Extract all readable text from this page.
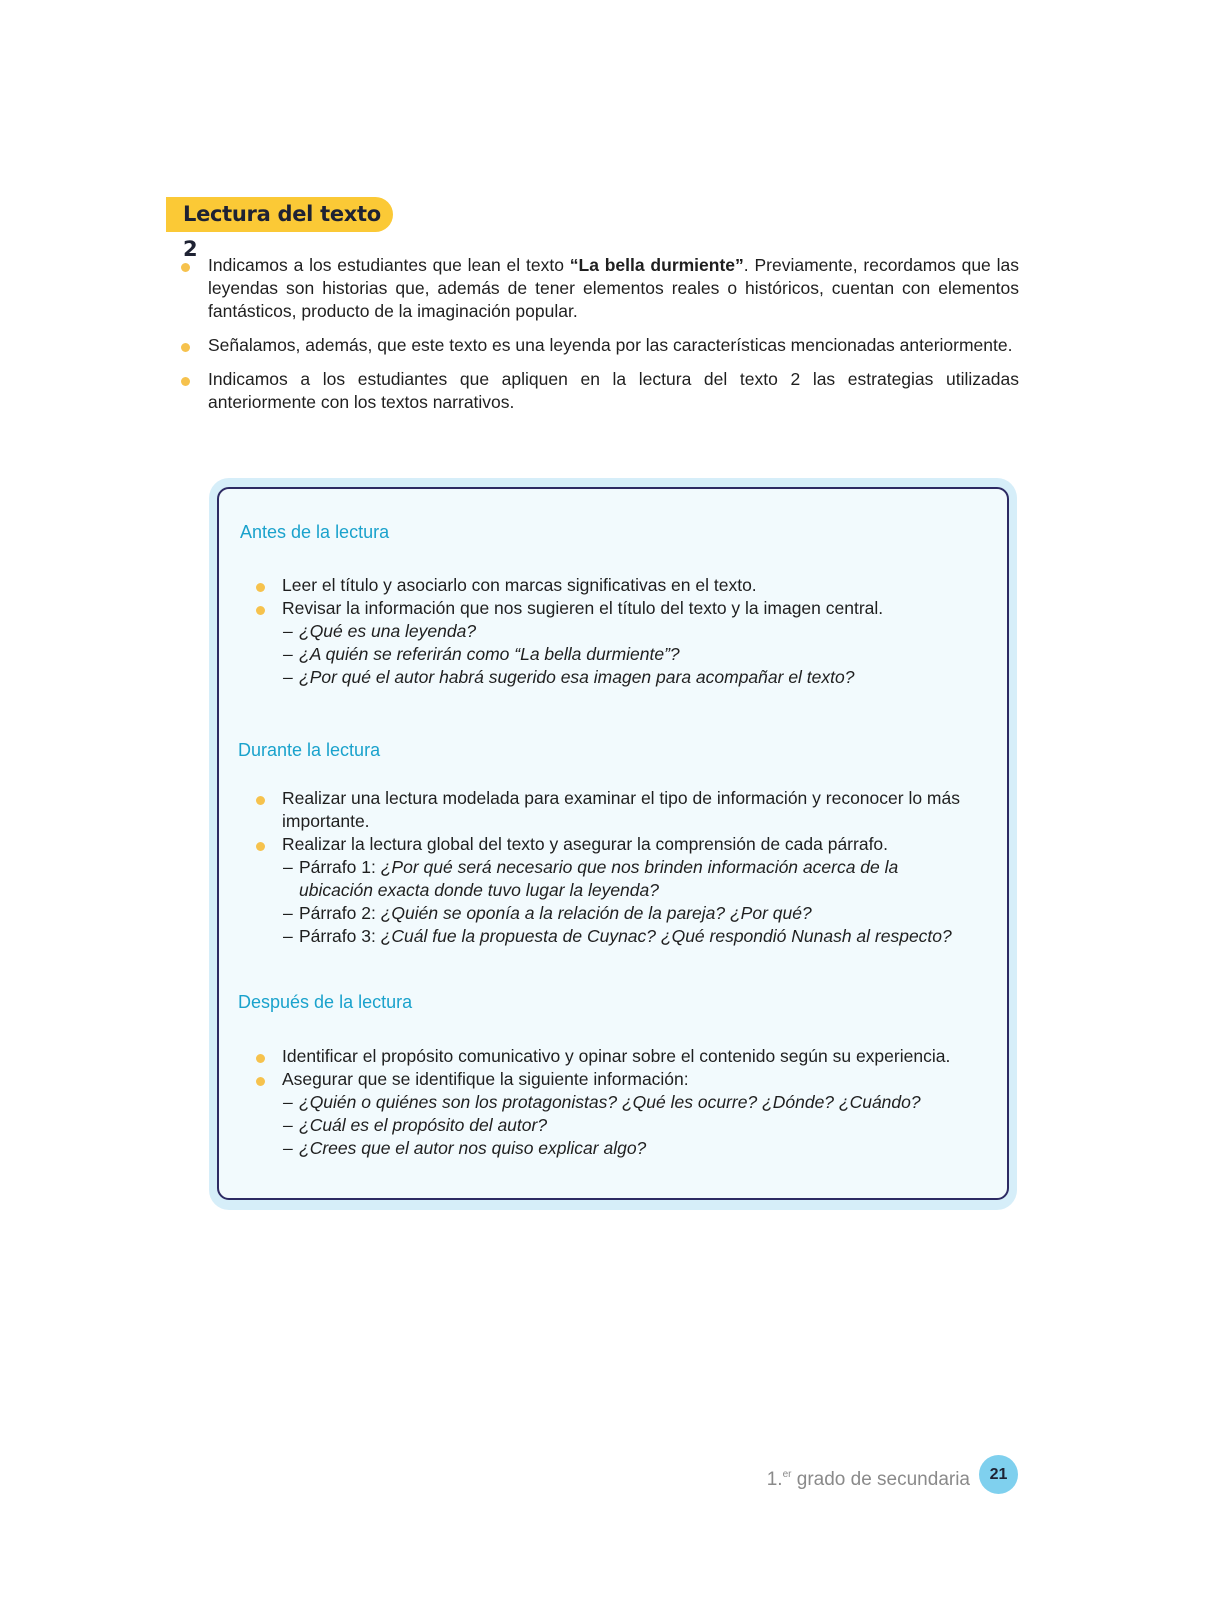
Lectura del texto 2
Indicamos a los estudiantes que lean el texto “La bella durmiente”. Previamente, recordamos que las leyendas son historias que, además de tener elementos reales o históricos, cuentan con elementos fantásticos, producto de la imaginación popular.
Señalamos, además, que este texto es una leyenda por las características mencionadas anteriormente.
Indicamos a los estudiantes que apliquen en la lectura del texto 2 las estrategias utilizadas anteriormente con los textos narrativos.
Antes de la lectura
Leer el título y asociarlo con marcas significativas en el texto.
Revisar la información que nos sugieren el título del texto y la imagen central.
– ¿Qué es una leyenda?
– ¿A quién se referirán como “La bella durmiente”?
– ¿Por qué el autor habrá sugerido esa imagen para acompañar el texto?
Durante la lectura
Realizar una lectura modelada para examinar el tipo de información y reconocer lo más importante.
Realizar la lectura global del texto y asegurar la comprensión de cada párrafo.
– Párrafo 1: ¿Por qué será necesario que nos brinden información acerca de la ubicación exacta donde tuvo lugar la leyenda?
– Párrafo 2: ¿Quién se oponía a la relación de la pareja? ¿Por qué?
– Párrafo 3: ¿Cuál fue la propuesta de Cuynac? ¿Qué respondió Nunash al respecto?
Después de la lectura
Identificar el propósito comunicativo y opinar sobre el contenido según su experiencia.
Asegurar que se identifique la siguiente información:
– ¿Quién o quiénes son los protagonistas? ¿Qué les ocurre? ¿Dónde? ¿Cuándo?
– ¿Cuál es el propósito del autor?
– ¿Crees que el autor nos quiso explicar algo?
1.$^{er}$ grado de secundaria	21
